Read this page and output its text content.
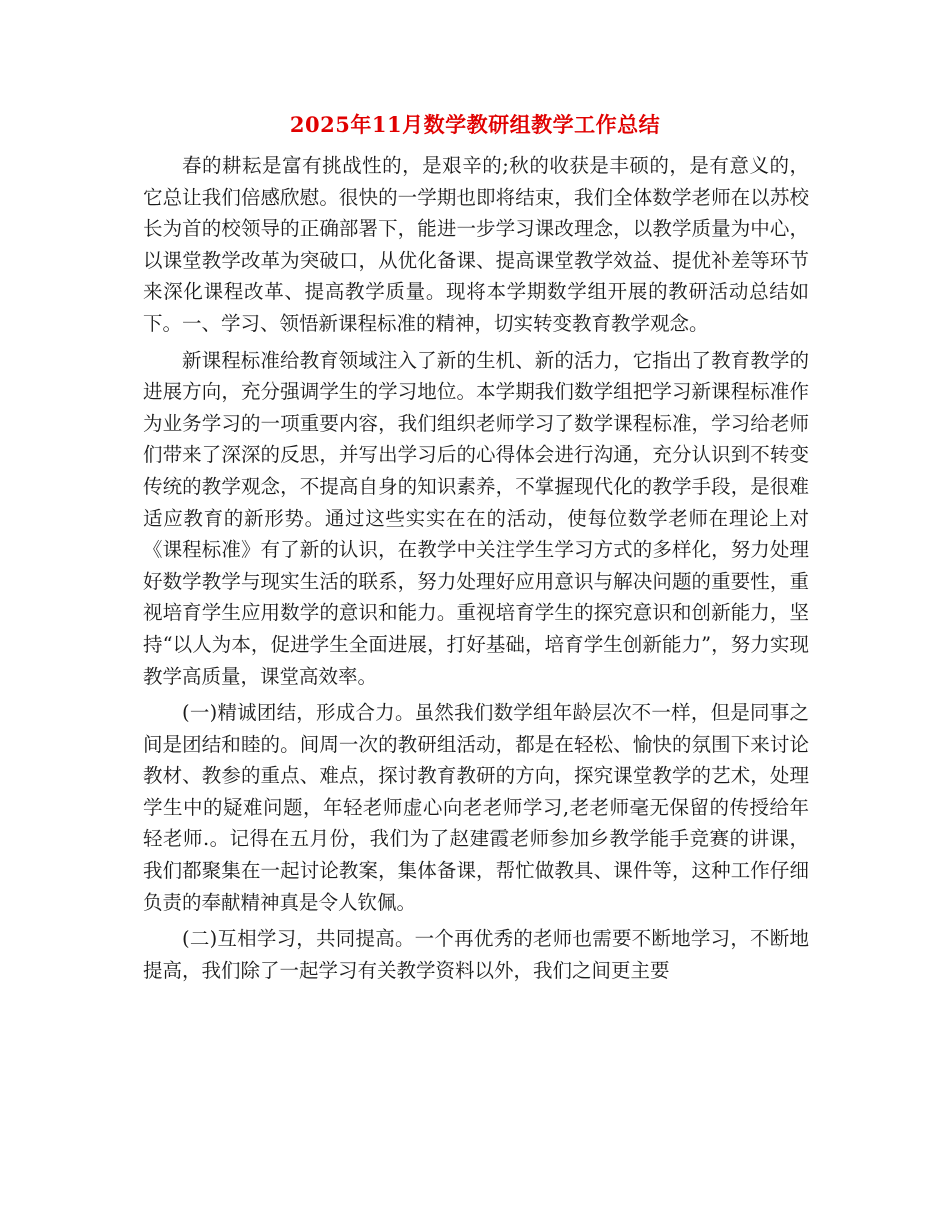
2025年11月数学教研组教学工作总结

春的耕耘是富有挑战性的，是艰辛的;秋的收获是丰硕的，是有意义的，它总让我们倍感欣慰。很快的一学期也即将结束，我们全体数学老师在以苏校长为首的校领导的正确部署下，能进一步学习课改理念，以教学质量为中心，以课堂教学改革为突破口，从优化备课、提高课堂教学效益、提优补差等环节来深化课程改革、提高教学质量。现将本学期数学组开展的教研活动总结如下。一、学习、领悟新课程标准的精神，切实转变教育教学观念。

新课程标准给教育领域注入了新的生机、新的活力，它指出了教育教学的进展方向，充分强调学生的学习地位。本学期我们数学组把学习新课程标准作为业务学习的一项重要内容，我们组织老师学习了数学课程标准，学习给老师们带来了深深的反思，并写出学习后的心得体会进行沟通，充分认识到不转变传统的教学观念，不提高自身的知识素养，不掌握现代化的教学手段，是很难适应教育的新形势。通过这些实实在在的活动，使每位数学老师在理论上对《课程标准》有了新的认识，在教学中关注学生学习方式的多样化，努力处理好数学教学与现实生活的联系，努力处理好应用意识与解决问题的重要性，重视培育学生应用数学的意识和能力。重视培育学生的探究意识和创新能力，坚持“以人为本，促进学生全面进展，打好基础，培育学生创新能力”，努力实现教学高质量，课堂高效率。

(一)精诚团结，形成合力。虽然我们数学组年龄层次不一样，但是同事之间是团结和睦的。间周一次的教研组活动，都是在轻松、愉快的氛围下来讨论教材、教参的重点、难点，探讨教育教研的方向，探究课堂教学的艺术，处理学生中的疑难问题，年轻老师虚心向老老师学习,老老师毫无保留的传授给年轻老师.。记得在五月份，我们为了赵建霞老师参加乡教学能手竞赛的讲课，我们都聚集在一起讨论教案，集体备课，帮忙做教具、课件等，这种工作仔细负责的奉献精神真是令人钦佩。

(二)互相学习，共同提高。一个再优秀的老师也需要不断地学习，不断地提高，我们除了一起学习有关教学资料以外，我们之间更主要
